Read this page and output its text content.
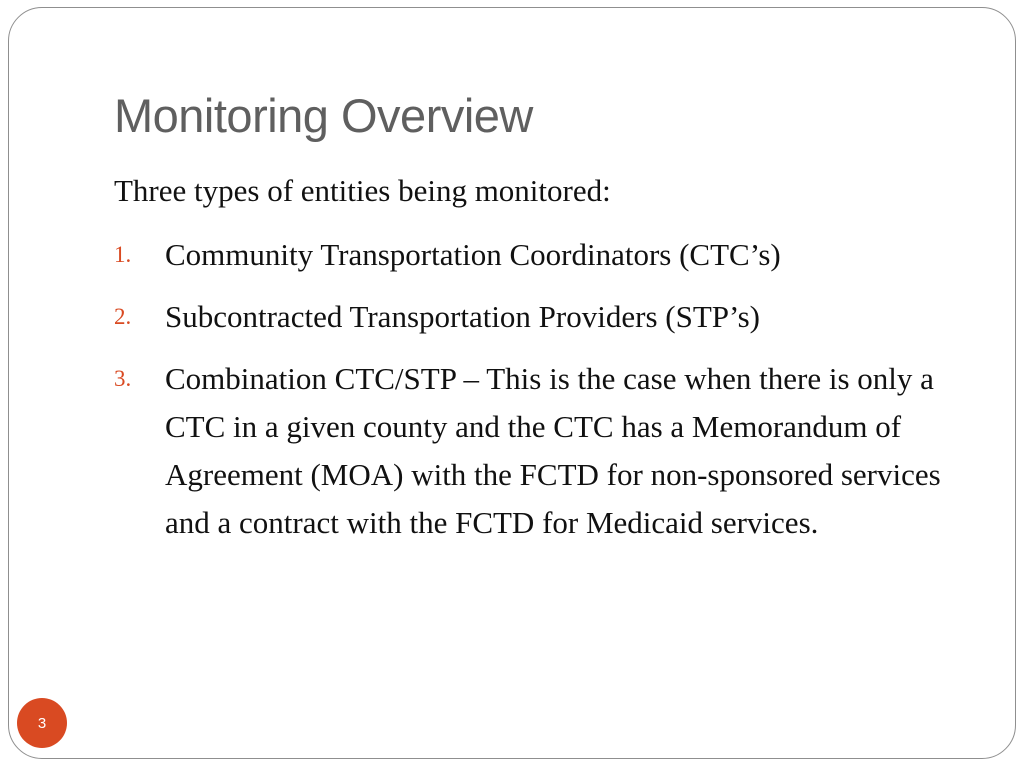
Monitoring Overview

Three types of entities being monitored:

1. Community Transportation Coordinators (CTC’s)
2. Subcontracted Transportation Providers (STP’s)
3. Combination CTC/STP – This is the case when there is only a CTC in a given county and the CTC has a Memorandum of Agreement (MOA) with the FCTD for non-sponsored services and a contract with the FCTD for Medicaid services.
3
